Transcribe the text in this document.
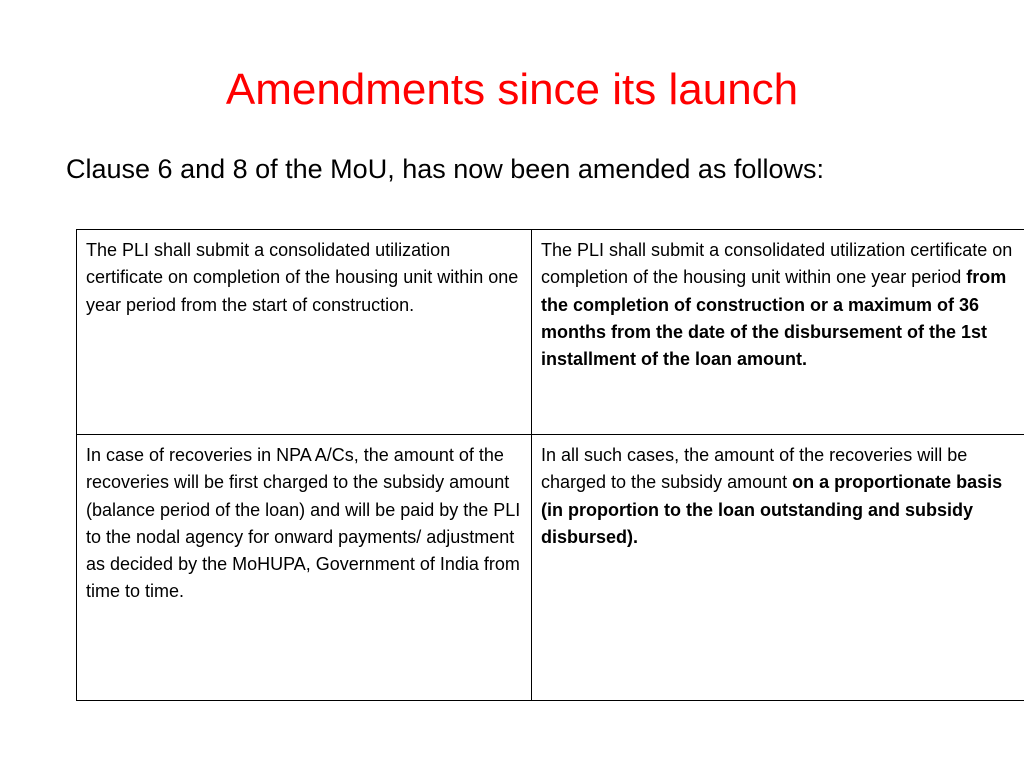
Amendments since its launch

Clause 6 and 8 of the MoU, has now been amended as follows:

The PLI shall submit a consolidated utilization certificate on completion of the housing unit within one year period from the start of construction.	The PLI shall submit a consolidated utilization certificate on completion of the housing unit within one year period from the completion of construction or a maximum of 36 months from the date of the disbursement of the 1st installment of the loan amount.
In case of recoveries in NPA A/Cs, the amount of the recoveries will be first charged to the subsidy amount (balance period of the loan) and will be paid by the PLI to the nodal agency for onward payments/ adjustment as decided by the MoHUPA, Government of India from time to time.	In all such cases, the amount of the recoveries will be charged to the subsidy amount on a proportionate basis (in proportion to the loan outstanding and subsidy disbursed).
